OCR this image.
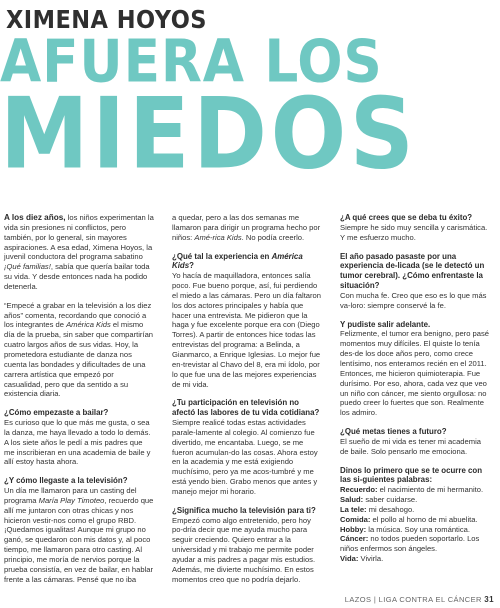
XIMENA HOYOS
AFUERA LOS
MIEDOS

A los diez años, los niños experimentan la vida sin presiones ni conflictos, pero también, por lo general, sin mayores aspiraciones. A esa edad, Ximena Hoyos, la juvenil conductora del programa sabatino ¡Qué familias!, sabía que quería bailar toda su vida. Y desde entonces nada ha podido detenerla.

“Empecé a grabar en la televisión a los diez años” comenta, recordando que conoció a los integrantes de América Kids el mismo día de la prueba, sin saber que compartirían cuatro largos años de sus vidas. Hoy, la prometedora estudiante de danza nos cuenta las bondades y dificultades de una carrera artística que empezó por casualidad, pero que da sentido a su existencia diaria.

¿Cómo empezaste a bailar?

Es curioso que lo que más me gusta, o sea la danza, me haya llevado a todo lo demás. A los siete años le pedí a mis padres que me inscribieran en una academia de baile y allí estoy hasta ahora.

¿Y cómo llegaste a la televisión?

Un día me llamaron para un casting del programa María Play Timoteo, recuerdo que allí me juntaron con otras chicas y nos hicieron vestir-nos como el grupo RBD. ¡Quedamos igualitas! Aunque mi grupo no ganó, se quedaron con mis datos y, al poco tiempo, me llamaron para otro casting. Al principio, me moría de nervios porque la prueba consistía, en vez de bailar, en hablar frente a las cámaras. Pensé que no iba

a quedar, pero a las dos semanas me llamaron para dirigir un programa hecho por niños: Amé-rica Kids. No podía creerlo.

¿Qué tal la experiencia en América Kids?

Yo hacía de maquilladora, entonces salía poco. Fue bueno porque, así, fui perdiendo el miedo a las cámaras. Pero un día faltaron los dos actores principales y había que hacer una entrevista. Me pidieron que la haga y fue excelente porque era con (Diego Torres). A partir de entonces hice todas las entrevistas del programa: a Belinda, a Gianmarco, a Enrique Iglesias. Lo mejor fue en-trevistar al Chavo del 8, era mi ídolo, por lo que fue una de las mejores experiencias de mi vida.

¿Tu participación en televisión no afectó las labores de tu vida cotidiana?

Siempre realicé todas estas actividades parale-lamente al colegio. Al comienzo fue divertido, me encantaba. Luego, se me fueron acumulan-do las cosas. Ahora estoy en la academia y me está exigiendo muchísimo, pero ya me acos-tumbré y me está yendo bien. Grabo menos que antes y manejo mejor mi horario.

¿Significa mucho la televisión para ti?

Empezó como algo entretenido, pero hoy po-dría decir que me ayuda mucho para seguir creciendo. Quiero entrar a la universidad y mi trabajo me permite poder ayudar a mis padres a pagar mis estudios. Además, me divierte muchísimo. En estos momentos creo que no podría dejarlo.

¿A qué crees que se deba tu éxito?

Siempre he sido muy sencilla y carismática. Y me esfuerzo mucho.

El año pasado pasaste por una experiencia de-licada (se le detectó un tumor cerebral). ¿Cómo enfrentaste la situación?

Con mucha fe. Creo que eso es lo que más va-loro: siempre conservé la fe.

Y pudiste salir adelante.

Felizmente, el tumor era benigno, pero pasé momentos muy difíciles. El quiste lo tenía des-de los doce años pero, como crece lentísimo, nos enteramos recién en el 2011. Entonces, me hicieron quimioterapia. Fue durísimo. Por eso, ahora, cada vez que veo un niño con cáncer, me siento orgullosa: no puedo creer lo fuertes que son. Realmente los admiro.

¿Qué metas tienes a futuro?

El sueño de mi vida es tener mi academia de baile. Solo pensarlo me emociona.

Dinos lo primero que se te ocurre con las si-guientes palabras:
Recuerdo: el nacimiento de mi hermanito.
Salud: saber cuidarse.
La tele: mi desahogo.
Comida: el pollo al horno de mi abuelita.
Hobby: la música. Soy una romántica.
Cáncer: no todos pueden soportarlo. Los niños enfermos son ángeles.
Vida: Vivirla.
LAZOS | LIGA CONTRA EL CÁNCER 31
